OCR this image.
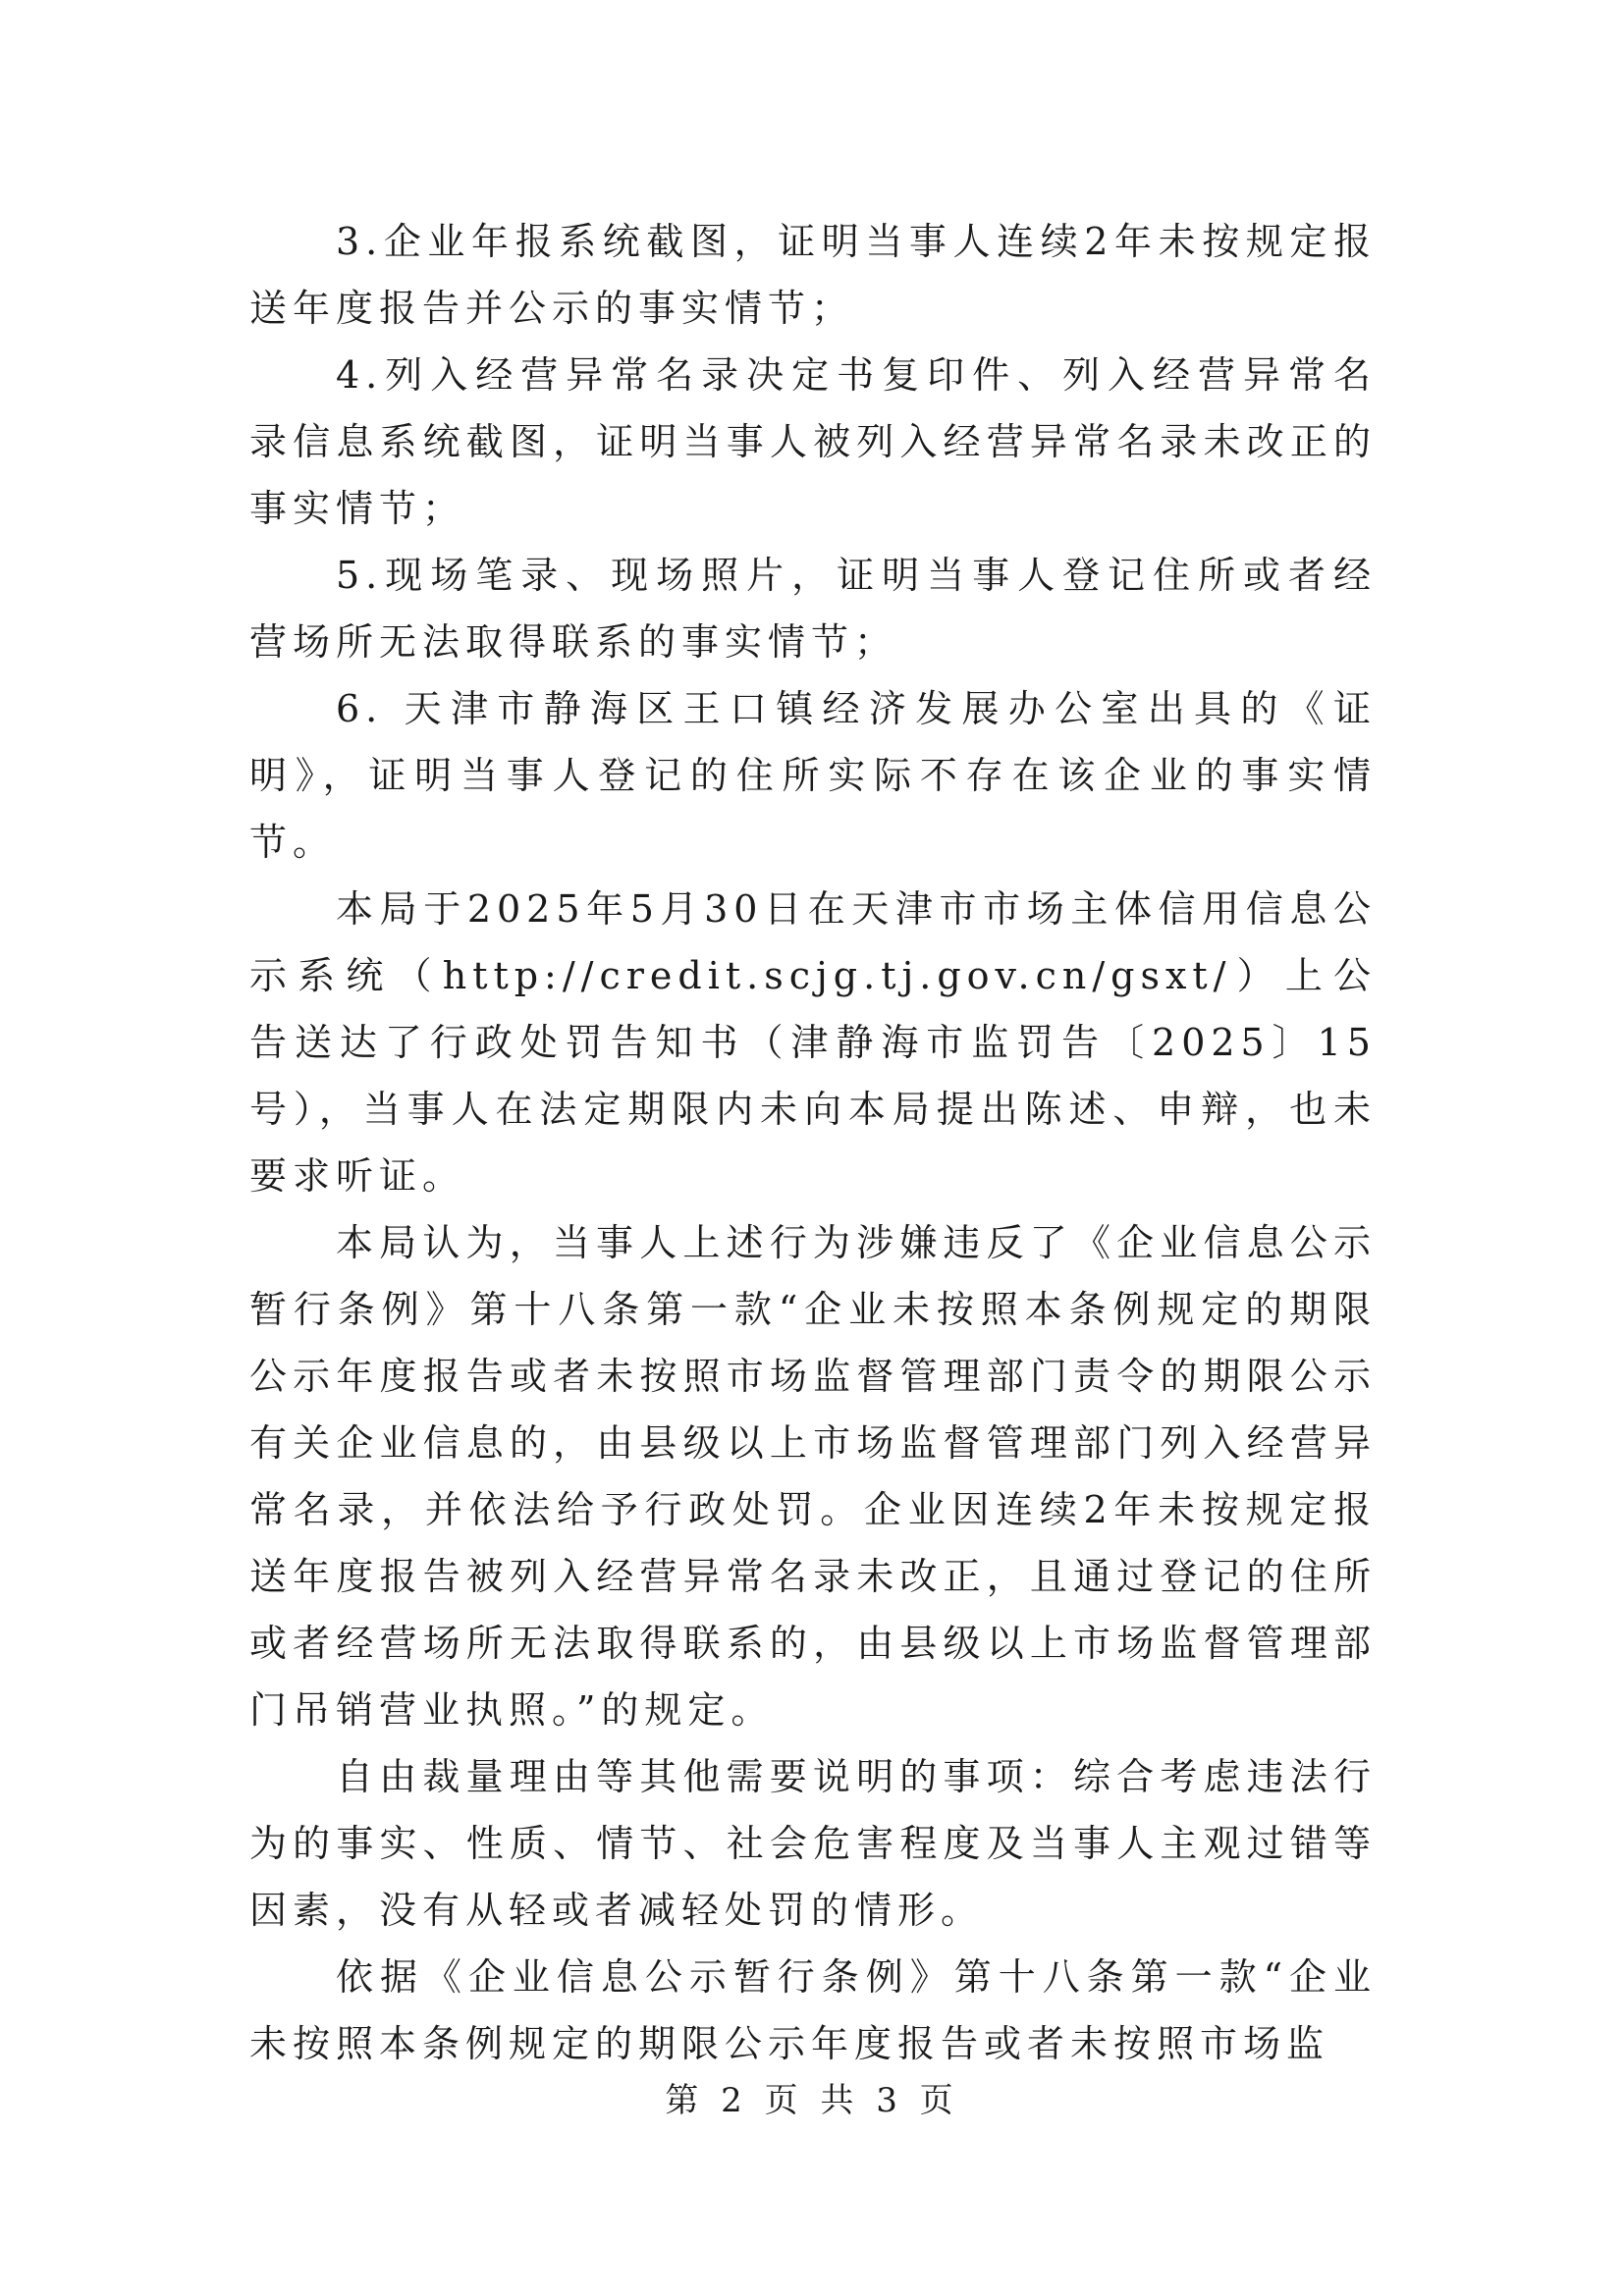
3.企业年报系统截图，证明当事人连续2年未按规定报送年度报告并公示的事实情节；

4.列入经营异常名录决定书复印件、列入经营异常名录信息系统截图，证明当事人被列入经营异常名录未改正的事实情节；

5.现场笔录、现场照片，证明当事人登记住所或者经营场所无法取得联系的事实情节；

6. 天津市静海区王口镇经济发展办公室出具的《证明》，证明当事人登记的住所实际不存在该企业的事实情节。

本局于2025年5月30日在天津市市场主体信用信息公示系统（http://credit.scjg.tj.gov.cn/gsxt/）上公告送达了行政处罚告知书（津静海市监罚告〔2025〕15号），当事人在法定期限内未向本局提出陈述、申辩，也未要求听证。

本局认为，当事人上述行为涉嫌违反了《企业信息公示暂行条例》第十八条第一款“企业未按照本条例规定的期限公示年度报告或者未按照市场监督管理部门责令的期限公示有关企业信息的，由县级以上市场监督管理部门列入经营异常名录，并依法给予行政处罚。企业因连续2年未按规定报送年度报告被列入经营异常名录未改正，且通过登记的住所或者经营场所无法取得联系的，由县级以上市场监督管理部门吊销营业执照。”的规定。

自由裁量理由等其他需要说明的事项：综合考虑违法行为的事实、性质、情节、社会危害程度及当事人主观过错等因素，没有从轻或者减轻处罚的情形。

依据《企业信息公示暂行条例》第十八条第一款“企业未按照本条例规定的期限公示年度报告或者未按照市场监

第 2 页 共 3 页
